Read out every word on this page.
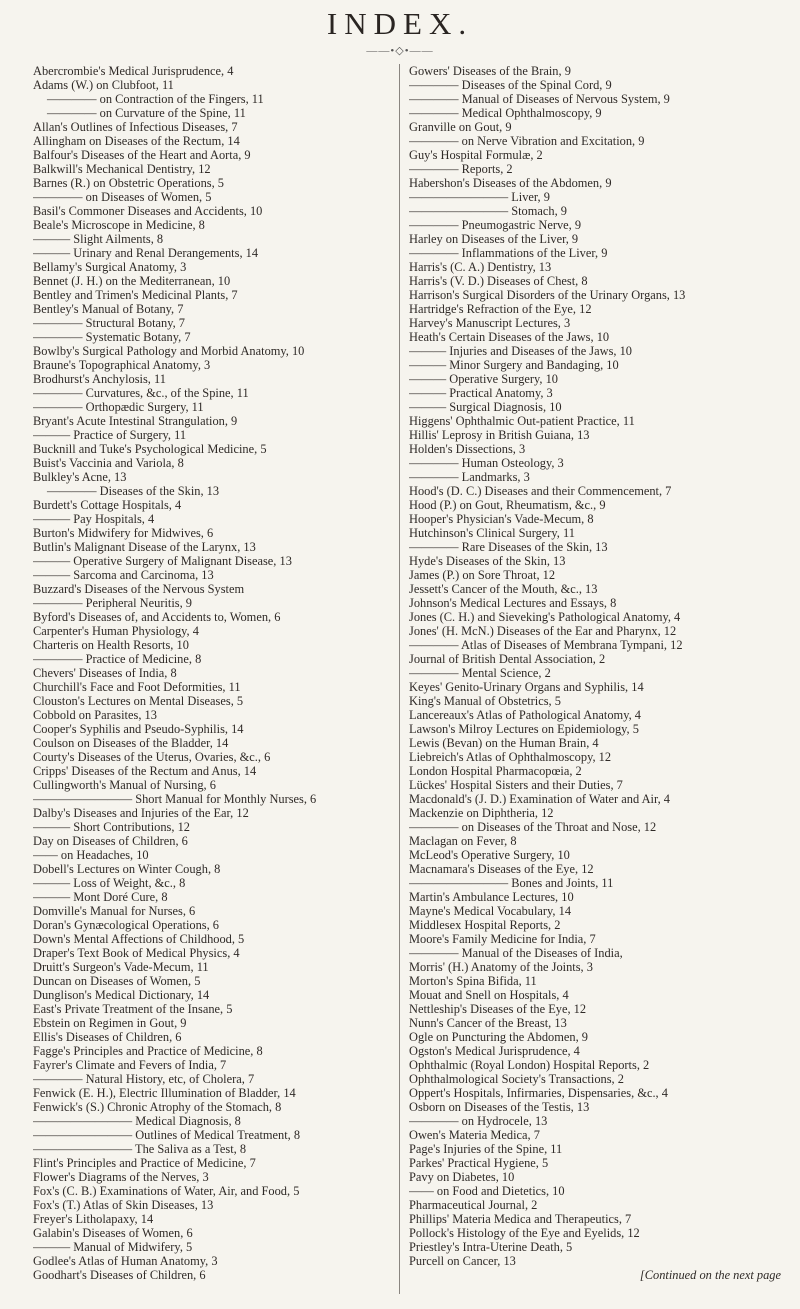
INDEX.
——•◇•——
Abercrombie's Medical Jurisprudence, 4
Adams (W.) on Clubfoot, 11
———— on Contraction of the Fingers, 11
———— on Curvature of the Spine, 11
Allan's Outlines of Infectious Diseases, 7
Allingham on Diseases of the Rectum, 14
Balfour's Diseases of the Heart and Aorta, 9
Balkwill's Mechanical Dentistry, 12
Barnes (R.) on Obstetric Operations, 5
———— on Diseases of Women, 5
Basil's Commoner Diseases and Accidents, 10
Beale's Microscope in Medicine, 8
——— Slight Ailments, 8
——— Urinary and Renal Derangements, 14
Bellamy's Surgical Anatomy, 3
Bennet (J. H.) on the Mediterranean, 10
Bentley and Trimen's Medicinal Plants, 7
Bentley's Manual of Botany, 7
———— Structural Botany, 7
———— Systematic Botany, 7
Bowlby's Surgical Pathology and Morbid Anatomy, 10
Braune's Topographical Anatomy, 3
Brodhurst's Anchylosis, 11
———— Curvatures, &c., of the Spine, 11
———— Orthopædic Surgery, 11
Bryant's Acute Intestinal Strangulation, 9
——— Practice of Surgery, 11
Bucknill and Tuke's Psychological Medicine, 5
Buist's Vaccinia and Variola, 8
Bulkley's Acne, 13
———— Diseases of the Skin, 13
Burdett's Cottage Hospitals, 4
——— Pay Hospitals, 4
Burton's Midwifery for Midwives, 6
Butlin's Malignant Disease of the Larynx, 13
——— Operative Surgery of Malignant Disease, 13
——— Sarcoma and Carcinoma, 13
Buzzard's Diseases of the Nervous System
———— Peripheral Neuritis, 9
Byford's Diseases of, and Accidents to, Women, 6
Carpenter's Human Physiology, 4
Charteris on Health Resorts, 10
———— Practice of Medicine, 8
Chevers' Diseases of India, 8
Churchill's Face and Foot Deformities, 11
Clouston's Lectures on Mental Diseases, 5
Cobbold on Parasites, 13
Cooper's Syphilis and Pseudo-Syphilis, 14
Coulson on Diseases of the Bladder, 14
Courty's Diseases of the Uterus, Ovaries, &c., 6
Cripps' Diseases of the Rectum and Anus, 14
Cullingworth's Manual of Nursing, 6
———————— Short Manual for Monthly Nurses, 6
Dalby's Diseases and Injuries of the Ear, 12
——— Short Contributions, 12
Day on Diseases of Children, 6
—— on Headaches, 10
Dobell's Lectures on Winter Cough, 8
——— Loss of Weight, &c., 8
——— Mont Doré Cure, 8
Domville's Manual for Nurses, 6
Doran's Gynæcological Operations, 6
Down's Mental Affections of Childhood, 5
Draper's Text Book of Medical Physics, 4
Druitt's Surgeon's Vade-Mecum, 11
Duncan on Diseases of Women, 5
Dunglison's Medical Dictionary, 14
East's Private Treatment of the Insane, 5
Ebstein on Regimen in Gout, 9
Ellis's Diseases of Children, 6
Fagge's Principles and Practice of Medicine, 8
Fayrer's Climate and Fevers of India, 7
———— Natural History, etc, of Cholera, 7
Fenwick (E. H.), Electric Illumination of Bladder, 14
Fenwick's (S.) Chronic Atrophy of the Stomach, 8
———————— Medical Diagnosis, 8
———————— Outlines of Medical Treatment, 8
———————— The Saliva as a Test, 8
Flint's Principles and Practice of Medicine, 7
Flower's Diagrams of the Nerves, 3
Fox's (C. B.) Examinations of Water, Air, and Food, 5
Fox's (T.) Atlas of Skin Diseases, 13
Freyer's Litholapaxy, 14
Galabin's Diseases of Women, 6
——— Manual of Midwifery, 5
Godlee's Atlas of Human Anatomy, 3
Goodhart's Diseases of Children, 6
Gowers' Diseases of the Brain, 9
———— Diseases of the Spinal Cord, 9
———— Manual of Diseases of Nervous System, 9
———— Medical Ophthalmoscopy, 9
Granville on Gout, 9
———— on Nerve Vibration and Excitation, 9
Guy's Hospital Formulæ, 2
———— Reports, 2
Habershon's Diseases of the Abdomen, 9
———————— Liver, 9
———————— Stomach, 9
———— Pneumogastric Nerve, 9
Harley on Diseases of the Liver, 9
———— Inflammations of the Liver, 9
Harris's (C. A.) Dentistry, 13
Harris's (V. D.) Diseases of Chest, 8
Harrison's Surgical Disorders of the Urinary Organs, 13
Hartridge's Refraction of the Eye, 12
Harvey's Manuscript Lectures, 3
Heath's Certain Diseases of the Jaws, 10
——— Injuries and Diseases of the Jaws, 10
——— Minor Surgery and Bandaging, 10
——— Operative Surgery, 10
——— Practical Anatomy, 3
——— Surgical Diagnosis, 10
Higgens' Ophthalmic Out-patient Practice, 11
Hillis' Leprosy in British Guiana, 13
Holden's Dissections, 3
———— Human Osteology, 3
———— Landmarks, 3
Hood's (D. C.) Diseases and their Commencement, 7
Hood (P.) on Gout, Rheumatism, &c., 9
Hooper's Physician's Vade-Mecum, 8
Hutchinson's Clinical Surgery, 11
———— Rare Diseases of the Skin, 13
Hyde's Diseases of the Skin, 13
James (P.) on Sore Throat, 12
Jessett's Cancer of the Mouth, &c., 13
Johnson's Medical Lectures and Essays, 8
Jones (C. H.) and Sieveking's Pathological Anatomy, 4
Jones' (H. McN.) Diseases of the Ear and Pharynx, 12
———— Atlas of Diseases of Membrana Tympani, 12
Journal of British Dental Association, 2
———— Mental Science, 2
Keyes' Genito-Urinary Organs and Syphilis, 14
King's Manual of Obstetrics, 5
Lancereaux's Atlas of Pathological Anatomy, 4
Lawson's Milroy Lectures on Epidemiology, 5
Lewis (Bevan) on the Human Brain, 4
Liebreich's Atlas of Ophthalmoscopy, 12
London Hospital Pharmacopœia, 2
Lückes' Hospital Sisters and their Duties, 7
Macdonald's (J. D.) Examination of Water and Air, 4
Mackenzie on Diphtheria, 12
———— on Diseases of the Throat and Nose, 12
Maclagan on Fever, 8
McLeod's Operative Surgery, 10
Macnamara's Diseases of the Eye, 12
———————— Bones and Joints, 11
Martin's Ambulance Lectures, 10
Mayne's Medical Vocabulary, 14
Middlesex Hospital Reports, 2
Moore's Family Medicine for India, 7
———— Manual of the Diseases of India,
Morris' (H.) Anatomy of the Joints, 3
Morton's Spina Bifida, 11
Mouat and Snell on Hospitals, 4
Nettleship's Diseases of the Eye, 12
Nunn's Cancer of the Breast, 13
Ogle on Puncturing the Abdomen, 9
Ogston's Medical Jurisprudence, 4
Ophthalmic (Royal London) Hospital Reports, 2
Ophthalmological Society's Transactions, 2
Oppert's Hospitals, Infirmaries, Dispensaries, &c., 4
Osborn on Diseases of the Testis, 13
———— on Hydrocele, 13
Owen's Materia Medica, 7
Page's Injuries of the Spine, 11
Parkes' Practical Hygiene, 5
Pavy on Diabetes, 10
—— on Food and Dietetics, 10
Pharmaceutical Journal, 2
Phillips' Materia Medica and Therapeutics, 7
Pollock's Histology of the Eye and Eyelids, 12
Priestley's Intra-Uterine Death, 5
Purcell on Cancer, 13
[Continued on the next page
